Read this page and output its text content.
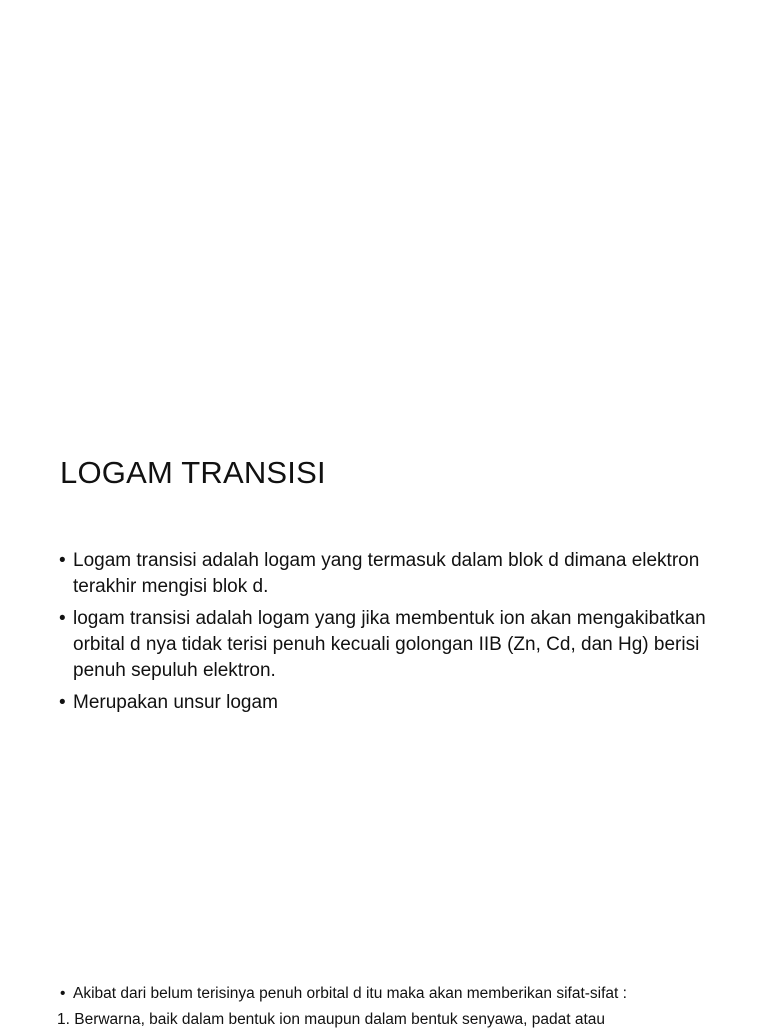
LOGAM TRANSISI
• Logam transisi adalah logam yang termasuk dalam blok d dimana elektron terakhir mengisi blok d.
• logam transisi adalah logam yang jika membentuk ion akan mengakibatkan orbital d nya tidak terisi penuh kecuali golongan IIB (Zn, Cd, dan Hg) berisi penuh sepuluh elektron.
• Merupakan unsur logam
• Akibat dari belum terisinya penuh orbital d itu maka akan memberikan sifat-sifat :
1. Berwarna, baik dalam bentuk ion maupun dalam bentuk senyawa, padat atau
